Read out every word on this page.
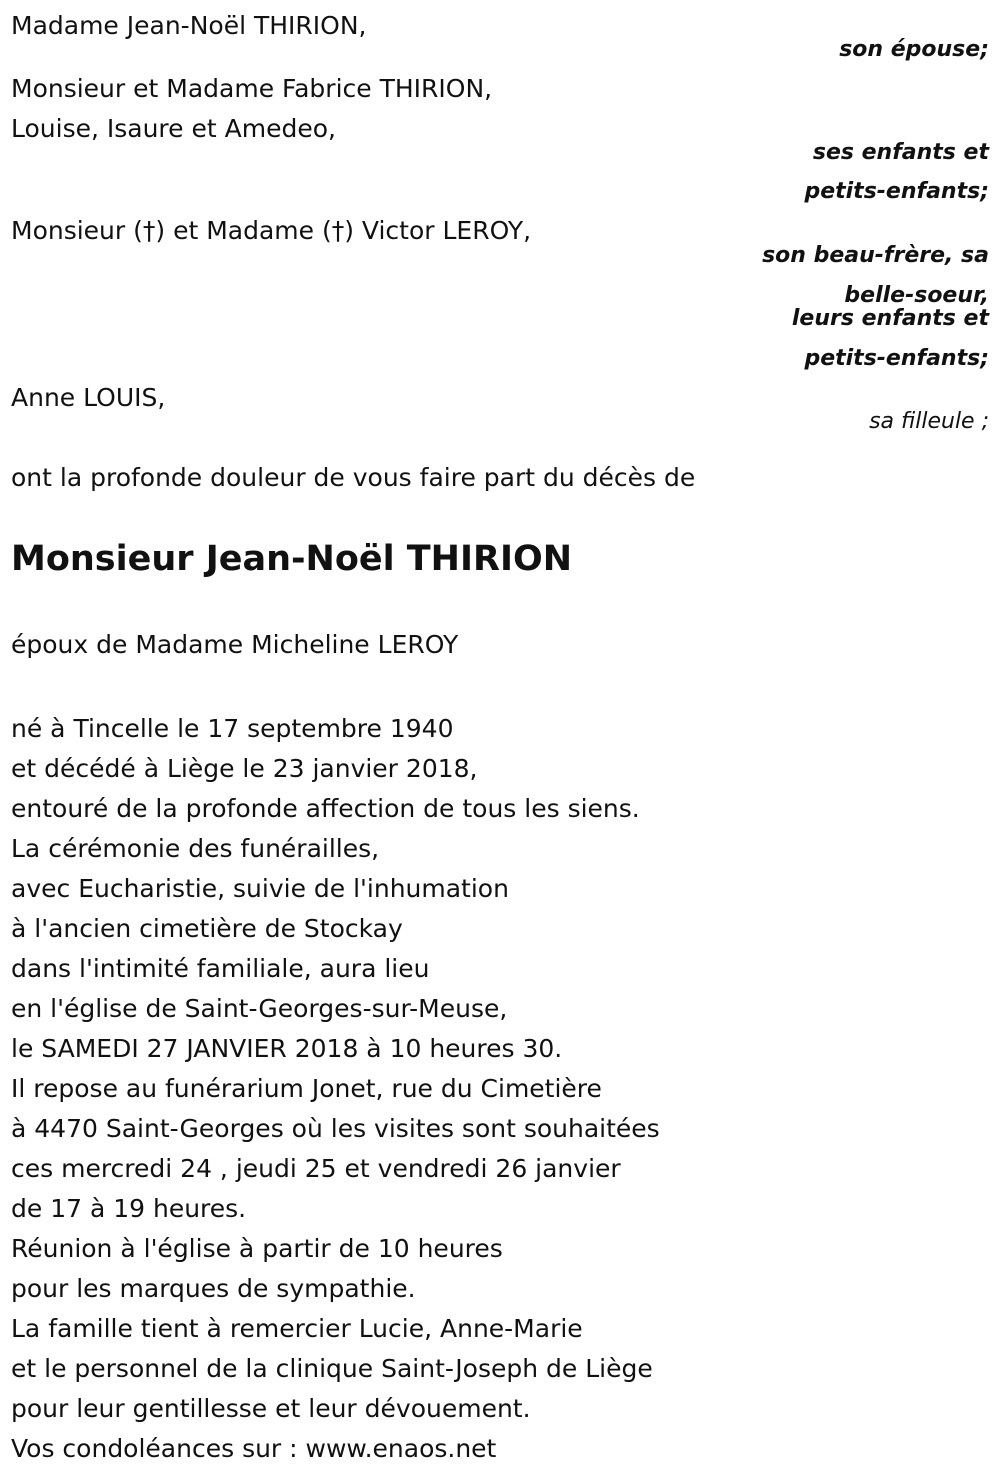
Madame Jean-Noël THIRION,
son épouse;
Monsieur et Madame Fabrice THIRION,
Louise, Isaure et Amedeo,
ses enfants et
petits-enfants;
Monsieur (†) et Madame (†) Victor LEROY,
son beau-frère, sa
belle-soeur,
leurs enfants et
petits-enfants;
Anne LOUIS,
sa filleule ;
ont la profonde douleur de vous faire part du décès de
Monsieur Jean-Noël THIRION
époux de Madame Micheline LEROY
né à Tincelle le 17 septembre 1940
et décédé à Liège le 23 janvier 2018,
entouré de la profonde affection de tous les siens.
La cérémonie des funérailles,
avec Eucharistie, suivie de l'inhumation
à l'ancien cimetière de Stockay
dans l'intimité familiale, aura lieu
en l'église de Saint-Georges-sur-Meuse,
le SAMEDI 27 JANVIER 2018 à 10 heures 30.
Il repose au funérarium Jonet, rue du Cimetière
à 4470 Saint-Georges où les visites sont souhaitées
ces mercredi 24 , jeudi 25 et vendredi 26 janvier
de 17 à 19 heures.
Réunion à l'église à partir de 10 heures
pour les marques de sympathie.
La famille tient à remercier Lucie, Anne-Marie
et le personnel de la clinique Saint-Joseph de Liège
pour leur gentillesse et leur dévouement.
Vos condoléances sur : www.enaos.net
